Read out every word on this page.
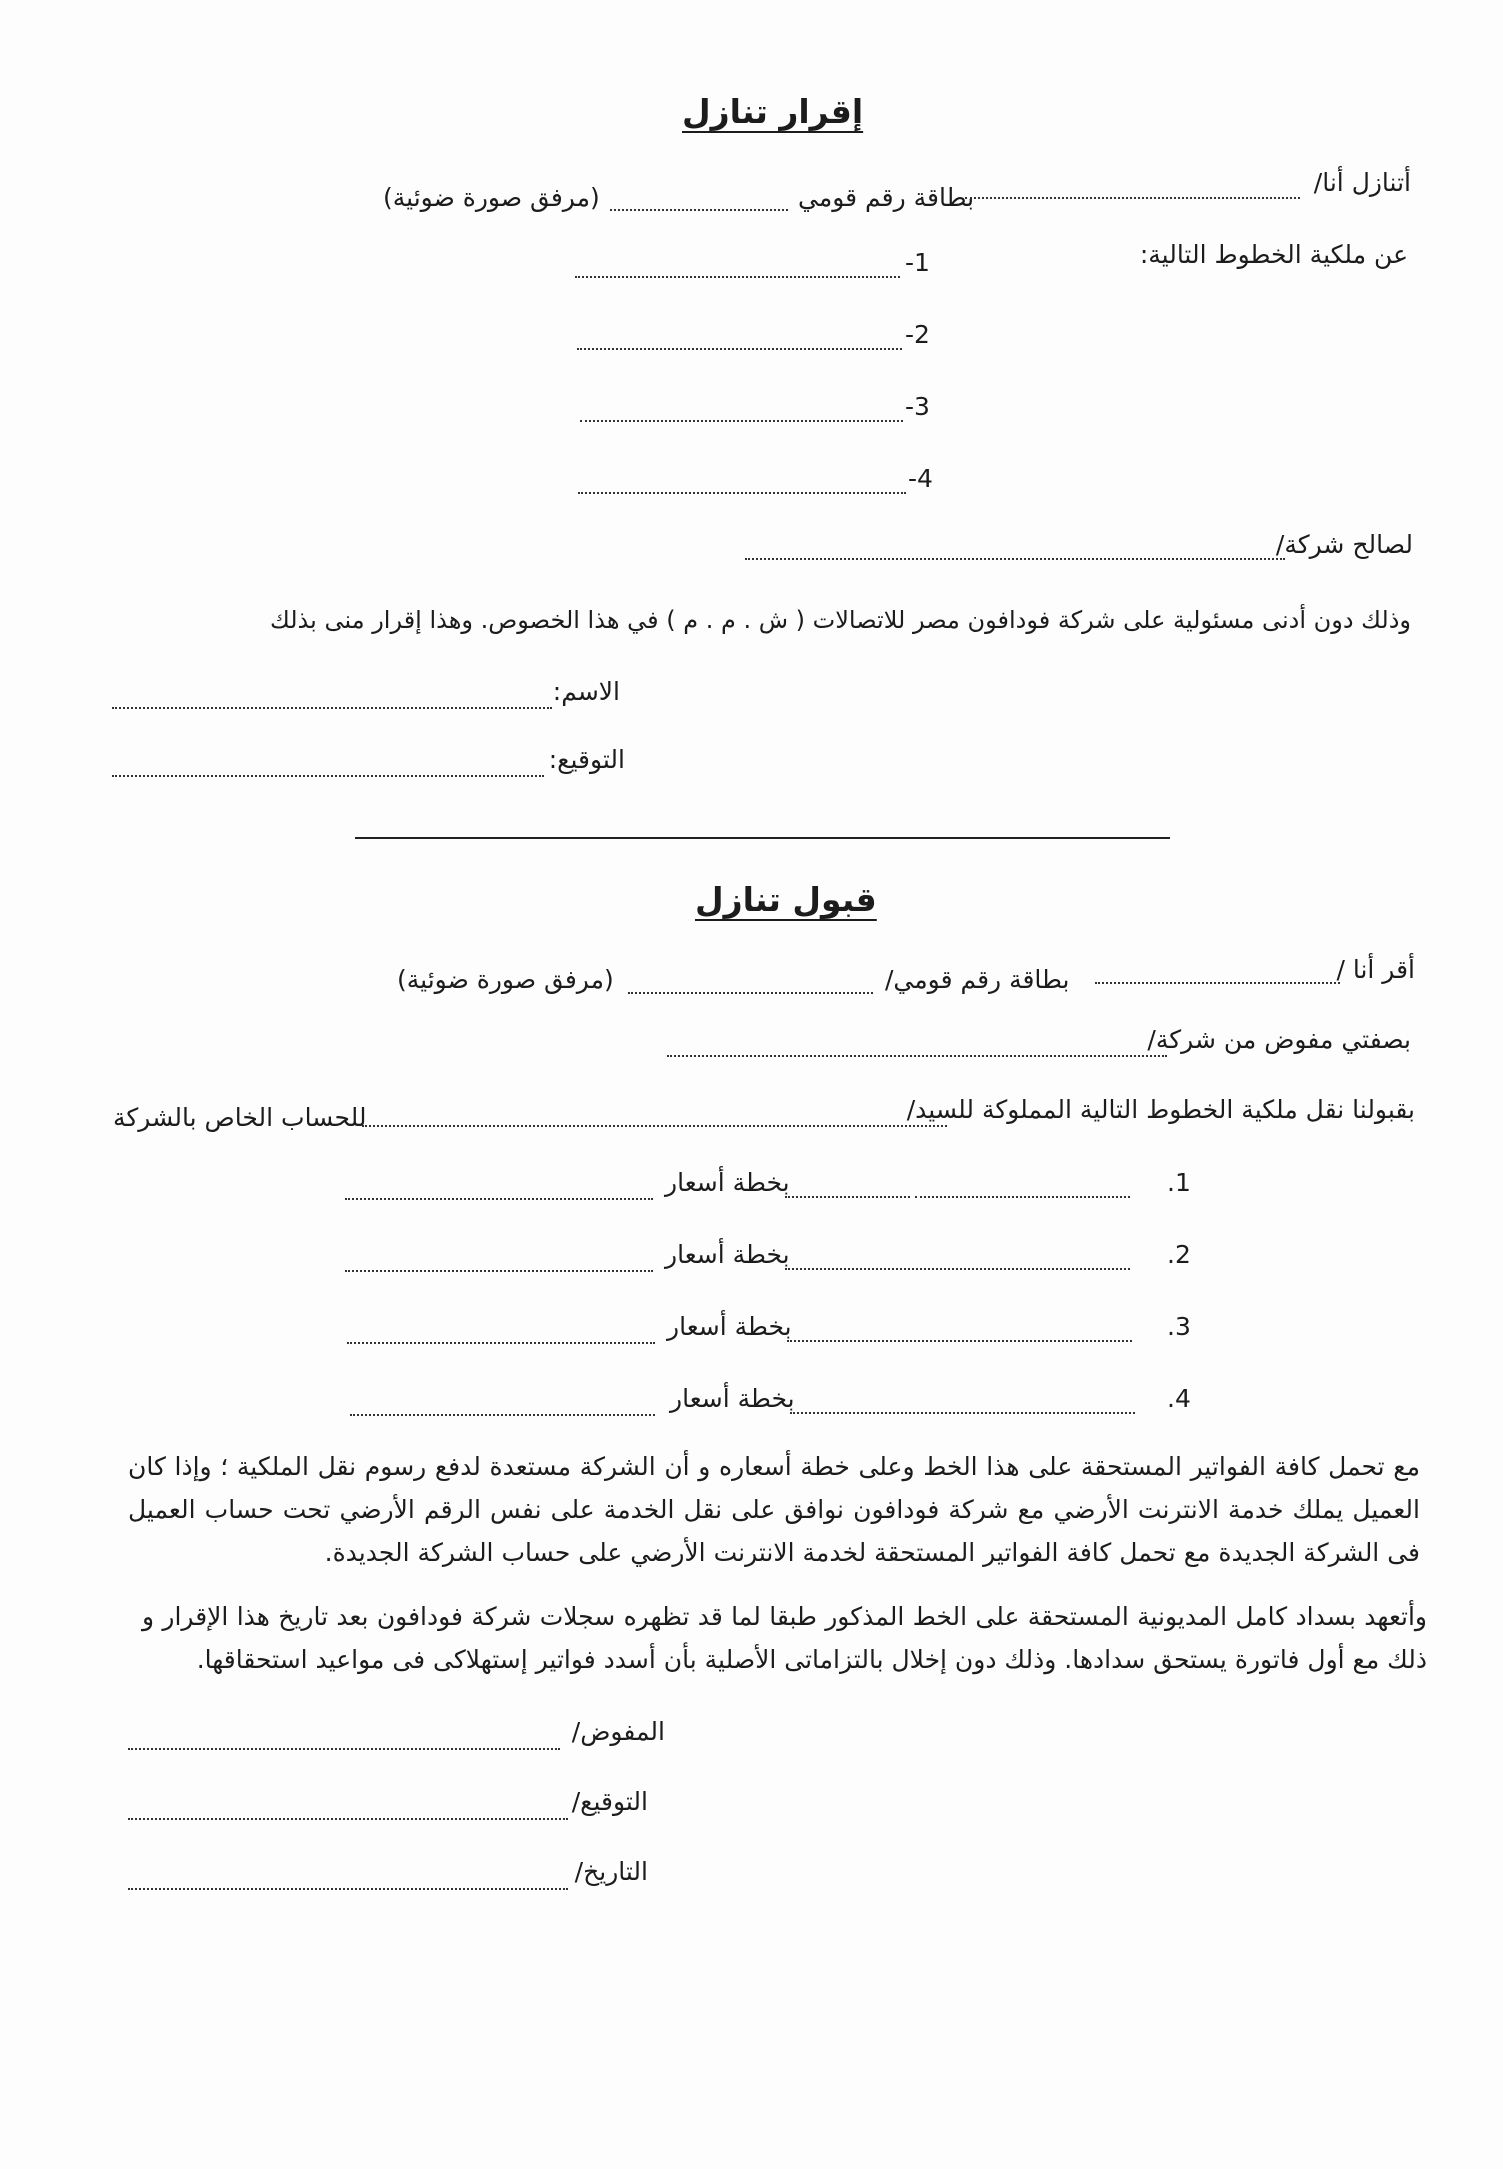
إقرار تنازل
أتنازل أنا/
بطاقة رقم قومي
(مرفق صورة ضوئية)
عن ملكية الخطوط التالية:
1-
2-
3-
4-
لصالح شركة/
وذلك دون أدنى مسئولية على شركة فودافون مصر للاتصالات ( ش . م . م ) في هذا الخصوص. وهذا إقرار منى بذلك
الاسم:
التوقيع:
قبول تنازل
أقر أنا /
بطاقة رقم قومي/
(مرفق صورة ضوئية)
بصفتي مفوض من شركة/
بقبولنا نقل ملكية الخطوط التالية المملوكة للسيد/
للحساب الخاص بالشركة
1.
بخطة أسعار
2.
بخطة أسعار
3.
بخطة أسعار
4.
بخطة أسعار
مع تحمل كافة الفواتير المستحقة على هذا الخط وعلى خطة أسعاره و أن الشركة مستعدة لدفع رسوم نقل الملكية ؛ وإذا كان العميل يملك خدمة الانترنت الأرضي مع شركة فودافون نوافق على نقل الخدمة على نفس الرقم الأرضي تحت حساب العميل فى الشركة الجديدة مع تحمل كافة الفواتير المستحقة لخدمة الانترنت الأرضي على حساب الشركة الجديدة.
وأتعهد بسداد كامل المديونية المستحقة على الخط المذكور طبقا لما قد تظهره سجلات شركة فودافون بعد تاريخ هذا الإقرار و ذلك مع أول فاتورة يستحق سدادها. وذلك دون إخلال بالتزاماتى الأصلية بأن أسدد فواتير إستهلاكى فى مواعيد استحقاقها.
المفوض/
التوقيع/
التاريخ/
